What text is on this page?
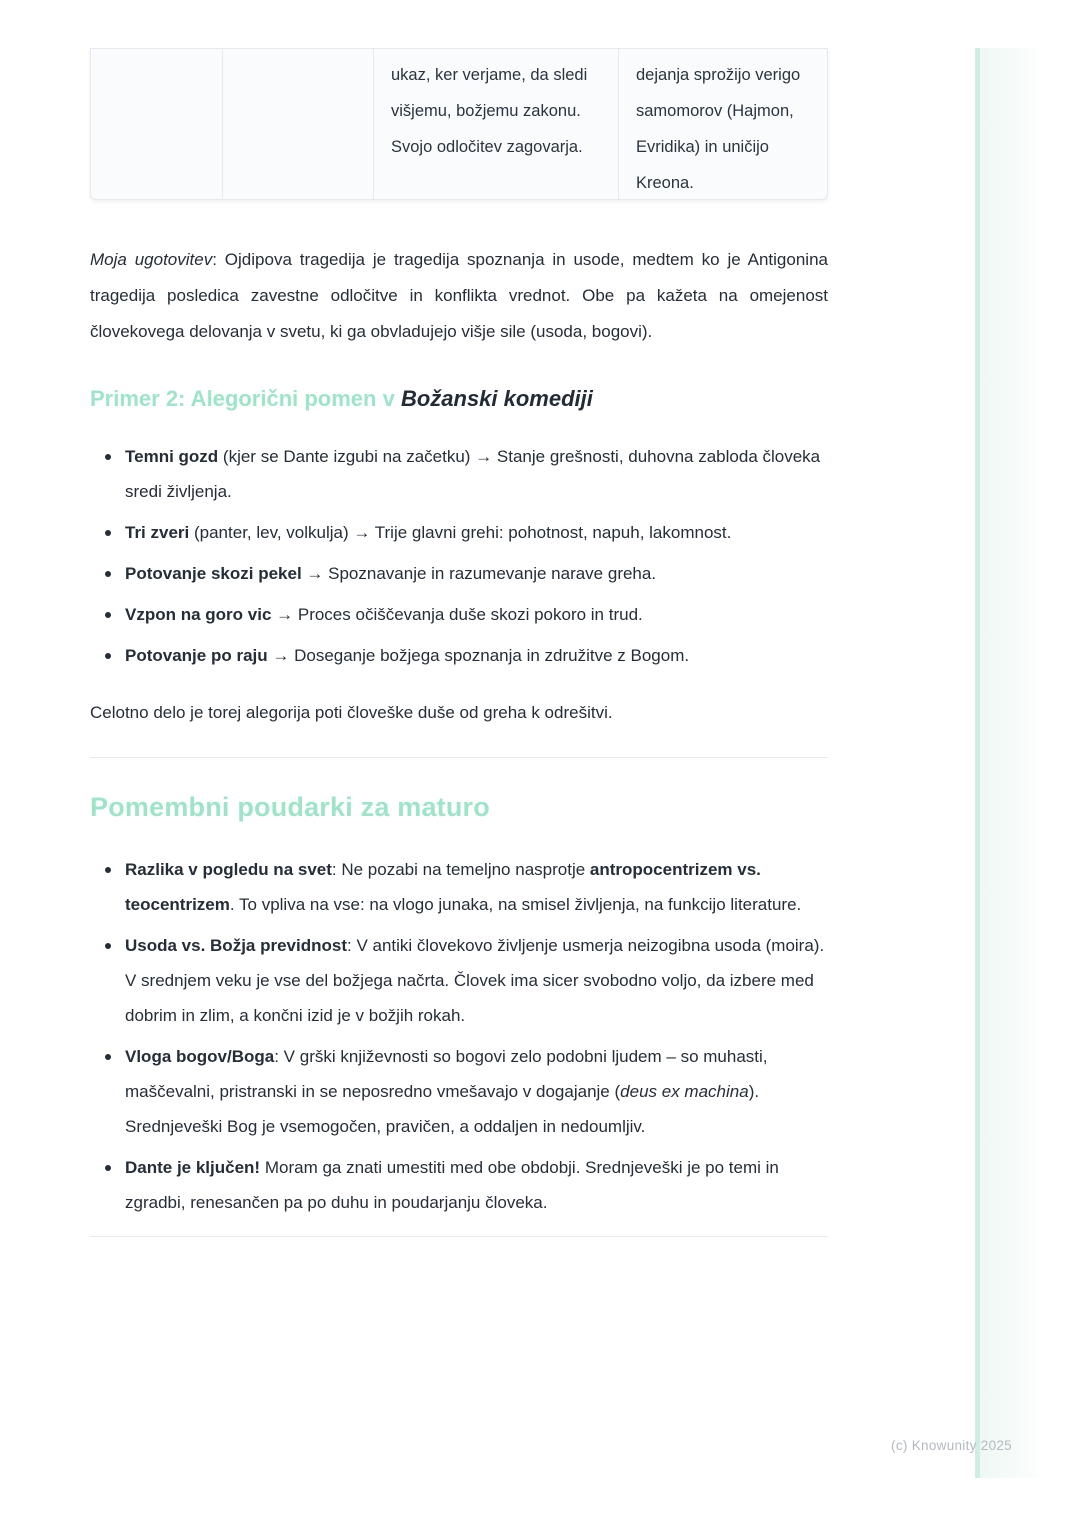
ukaz, ker verjame, da sledi višjemu, božjemu zakonu. Svojo odločitev zagovarja.
dejanja sprožijo verigo samomorov (Hajmon, Evridika) in uničijo Kreona.

Moja ugotovitev: Ojdipova tragedija je tragedija spoznanja in usode, medtem ko je Antigonina tragedija posledica zavestne odločitve in konflikta vrednot. Obe pa kažeta na omejenost človekovega delovanja v svetu, ki ga obvladujejo višje sile (usoda, bogovi).

Primer 2: Alegorični pomen v Božanski komediji
Temni gozd (kjer se Dante izgubi na začetku) → Stanje grešnosti, duhovna zabloda človeka sredi življenja.
Tri zveri (panter, lev, volkulja) → Trije glavni grehi: pohotnost, napuh, lakomnost.
Potovanje skozi pekel → Spoznavanje in razumevanje narave greha.
Vzpon na goro vic → Proces očiščevanja duše skozi pokoro in trud.
Potovanje po raju → Doseganje božjega spoznanja in združitve z Bogom.

Celotno delo je torej alegorija poti človeške duše od greha k odrešitvi.

Pomembni poudarki za maturo
Razlika v pogledu na svet: Ne pozabi na temeljno nasprotje antropocentrizem vs. teocentrizem. To vpliva na vse: na vlogo junaka, na smisel življenja, na funkcijo literature.
Usoda vs. Božja previdnost: V antiki človekovo življenje usmerja neizogibna usoda (moira). V srednjem veku je vse del božjega načrta. Človek ima sicer svobodno voljo, da izbere med dobrim in zlim, a končni izid je v božjih rokah.
Vloga bogov/Boga: V grški književnosti so bogovi zelo podobni ljudem – so muhasti, maščevalni, pristranski in se neposredno vmešavajo v dogajanje (deus ex machina). Srednjeveški Bog je vsemogočen, pravičen, a oddaljen in nedoumljiv.
Dante je ključen! Moram ga znati umestiti med obe obdobji. Srednjeveški je po temi in zgradbi, renesančen pa po duhu in poudarjanju človeka.
(c) Knowunity 2025
